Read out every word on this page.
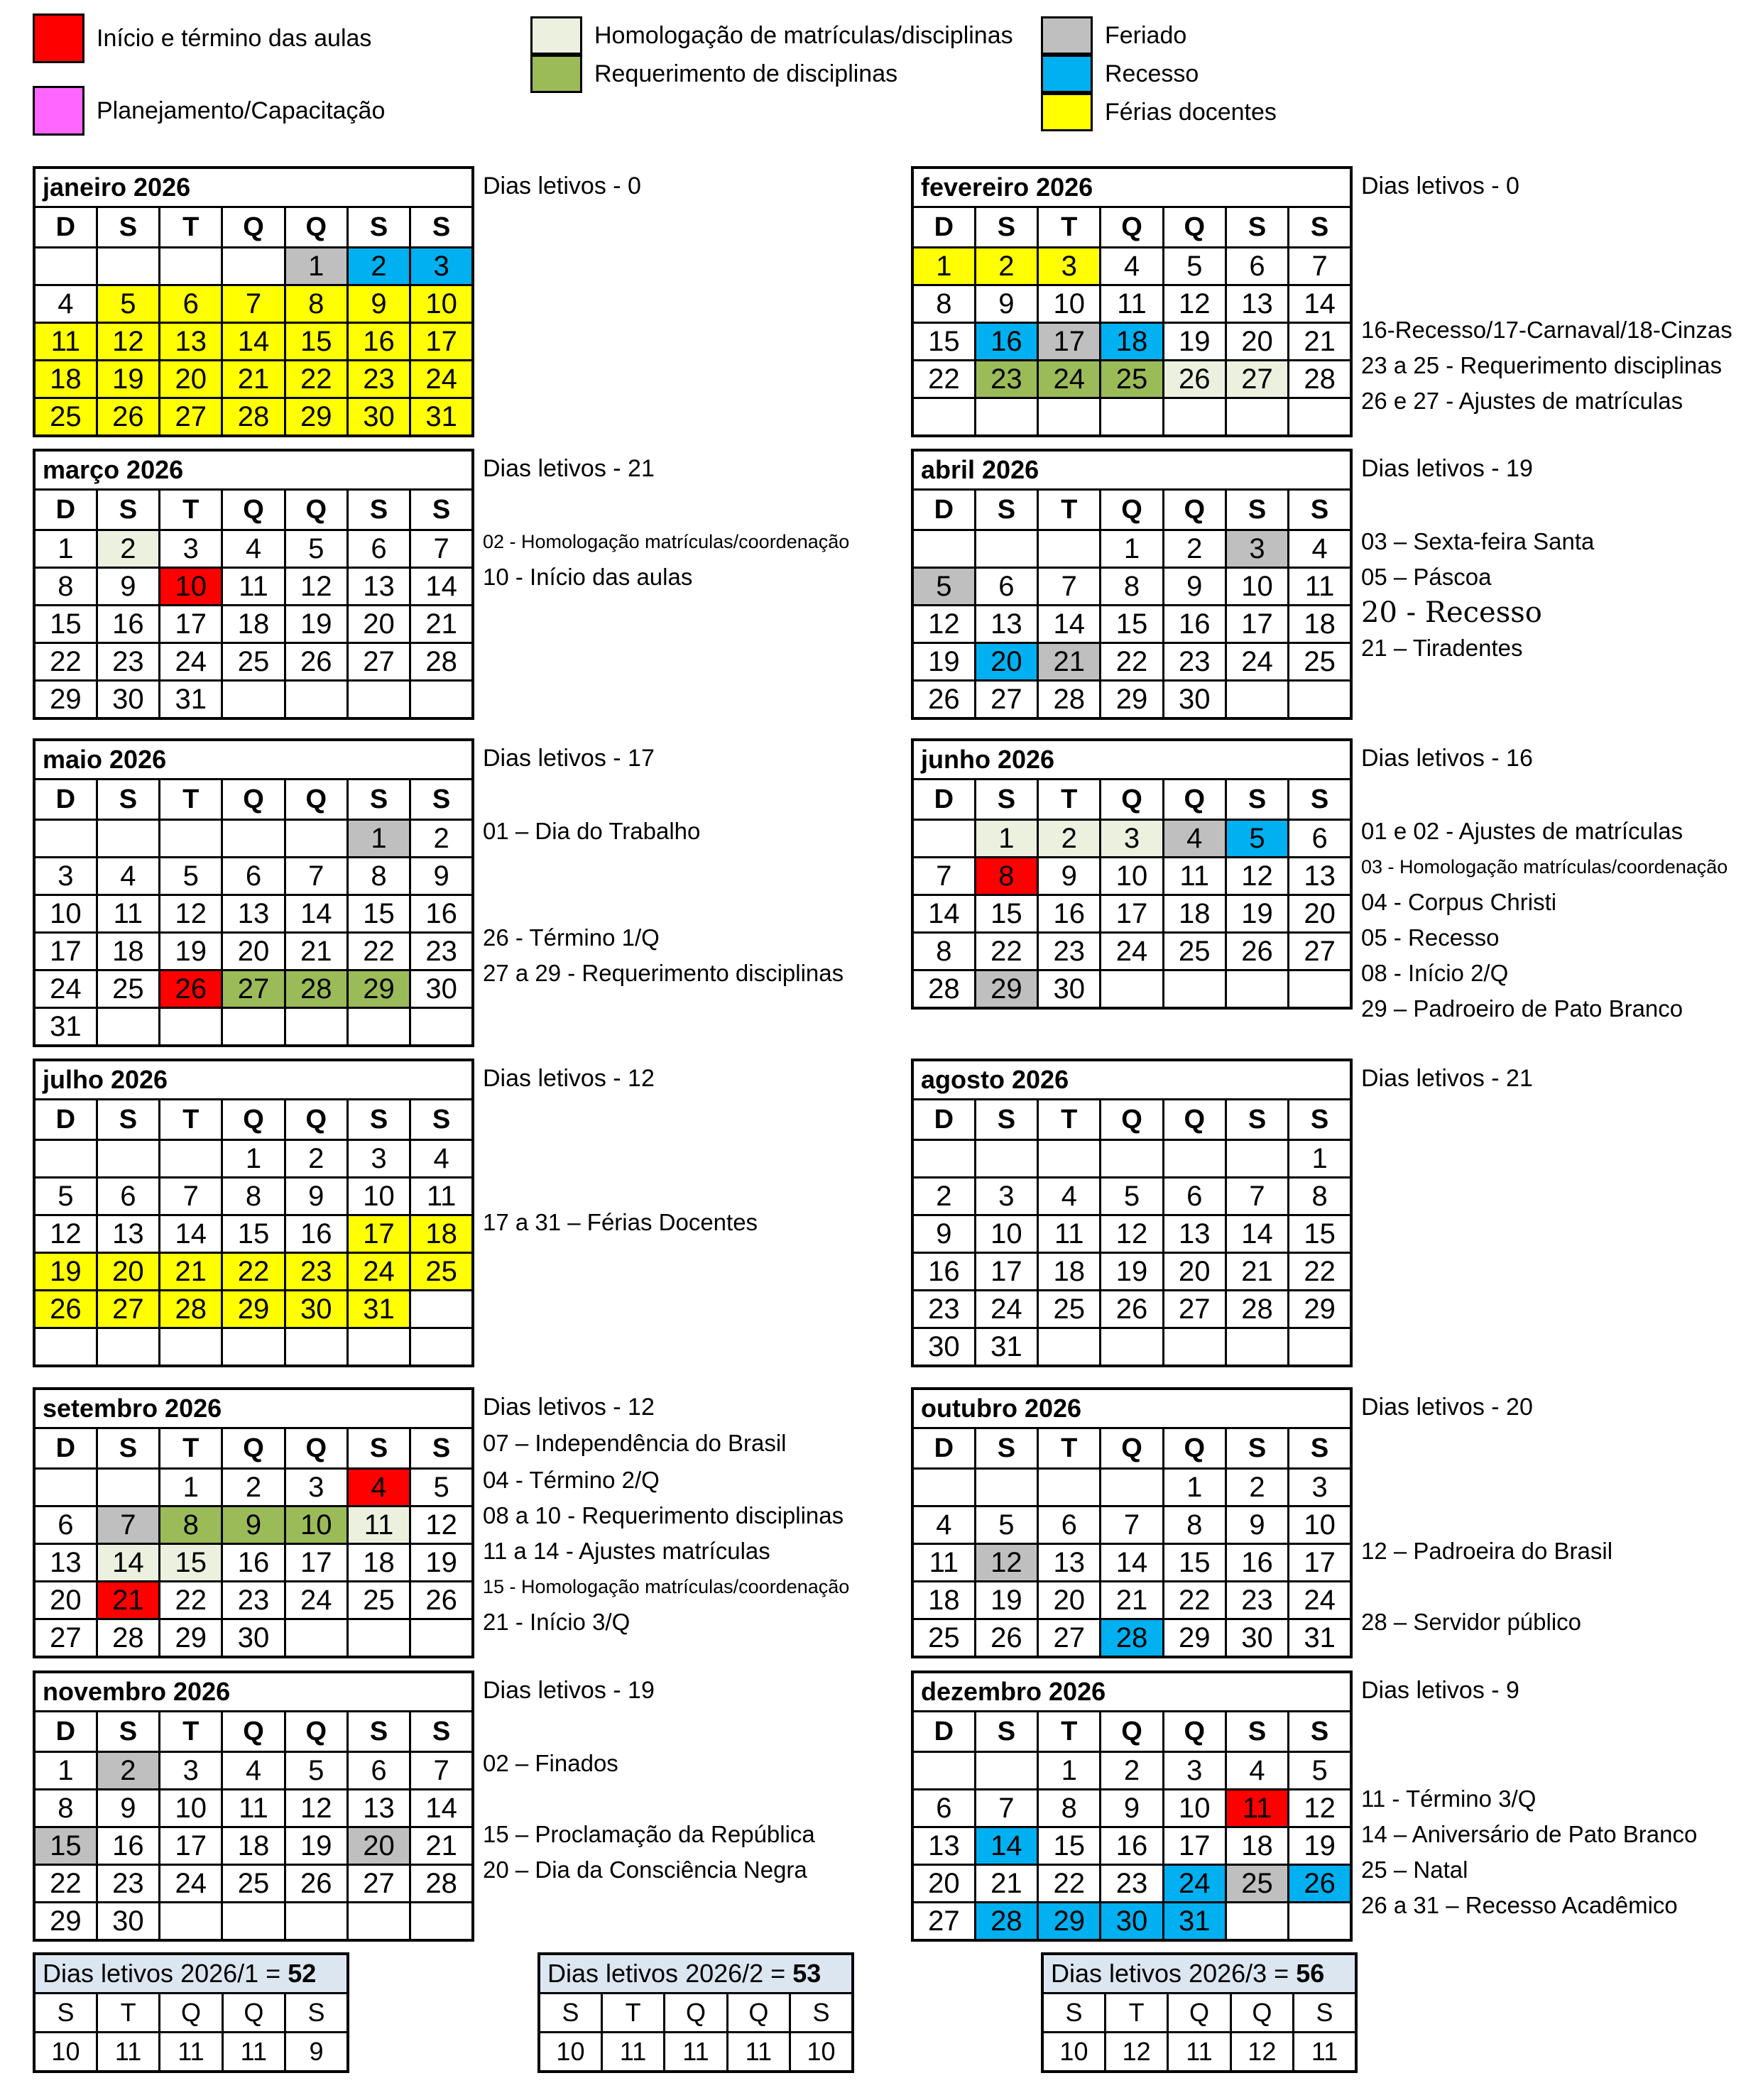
Início e término das aulas
Planejamento/Capacitação
Homologação de matrículas/disciplinas
Requerimento de disciplinas
Feriado
Recesso
Férias docentes
janeiro 2026						
D	S	T	Q	Q	S	S
				1	2	3
4	5	6	7	8	9	10
11	12	13	14	15	16	17
18	19	20	21	22	23	24
25	26	27	28	29	30	31
Dias letivos - 0	fevereiro 2026						
D	S	T	Q	Q	S	S
1	2	3	4	5	6	7
8	9	10	11	12	13	14
15	16	17	18	19	20	21
22	23	24	25	26	27	28

Dias letivos - 0
16-Recesso/17-Carnaval/18-Cinzas
23 a 25 - Requerimento disciplinas
26 e 27 - Ajustes de matrículas
março 2026						
D	S	T	Q	Q	S	S
1	2	3	4	5	6	7
8	9	10	11	12	13	14
15	16	17	18	19	20	21
22	23	24	25	26	27	28
29	30	31				
Dias letivos - 21
02 - Homologação matrículas/coordenação
10 - Início das aulas
abril 2026						
D	S	T	Q	Q	S	S
			1	2	3	4
5	6	7	8	9	10	11
12	13	14	15	16	17	18
19	20	21	22	23	24	25
26	27	28	29	30		
Dias letivos - 19
03 – Sexta-feira Santa
05 – Páscoa
20 - Recesso
21 – Tiradentes
maio 2026						
D	S	T	Q	Q	S	S
					1	2
3	4	5	6	7	8	9
10	11	12	13	14	15	16
17	18	19	20	21	22	23
24	25	26	27	28	29	30
31						
Dias letivos - 17
01 – Dia do Trabalho
26 - Término 1/Q
27 a 29 - Requerimento disciplinas
junho 2026						
D	S	T	Q	Q	S	S
	1	2	3	4	5	6
7	8	9	10	11	12	13
14	15	16	17	18	19	20
8	22	23	24	25	26	27
28	29	30				
Dias letivos - 16
01 e 02 - Ajustes de matrículas
03 - Homologação matrículas/coordenação
04 - Corpus Christi
05 - Recesso
08 - Início 2/Q
29 – Padroeiro de Pato Branco
julho 2026						
D	S	T	Q	Q	S	S
			1	2	3	4
5	6	7	8	9	10	11
12	13	14	15	16	17	18
19	20	21	22	23	24	25
26	27	28	29	30	31	

Dias letivos - 12
17 a 31 – Férias Docentes
agosto 2026						
D	S	T	Q	Q	S	S
						1
2	3	4	5	6	7	8
9	10	11	12	13	14	15
16	17	18	19	20	21	22
23	24	25	26	27	28	29
30	31					
Dias letivos - 21
setembro 2026						
D	S	T	Q	Q	S	S
		1	2	3	4	5
6	7	8	9	10	11	12
13	14	15	16	17	18	19
20	21	22	23	24	25	26
27	28	29	30			
Dias letivos - 12
07 – Independência do Brasil
04 - Término 2/Q
08 a 10 - Requerimento disciplinas
11 a 14 - Ajustes matrículas
15 - Homologação matrículas/coordenação
21 - Início 3/Q
outubro 2026						
D	S	T	Q	Q	S	S
				1	2	3
4	5	6	7	8	9	10
11	12	13	14	15	16	17
18	19	20	21	22	23	24
25	26	27	28	29	30	31
Dias letivos - 20
12 – Padroeira do Brasil
28 – Servidor público
novembro 2026						
D	S	T	Q	Q	S	S
1	2	3	4	5	6	7
8	9	10	11	12	13	14
15	16	17	18	19	20	21
22	23	24	25	26	27	28
29	30					
Dias letivos - 19
02 – Finados
15 – Proclamação da República
20 – Dia da Consciência Negra
dezembro 2026						
D	S	T	Q	Q	S	S
		1	2	3	4	5
6	7	8	9	10	11	12
13	14	15	16	17	18	19
20	21	22	23	24	25	26
27	28	29	30	31		
Dias letivos - 9
11 - Término 3/Q
14 – Aniversário de Pato Branco
25 – Natal
26 a 31 – Recesso Acadêmico
Dias letivos 2026/1 = 52				
S	T	Q	Q	S
10	11	11	11	9
Dias letivos 2026/2 = 53				
S	T	Q	Q	S
10	11	11	11	10
Dias letivos 2026/3 = 56				
S	T	Q	Q	S
10	12	11	12	11
